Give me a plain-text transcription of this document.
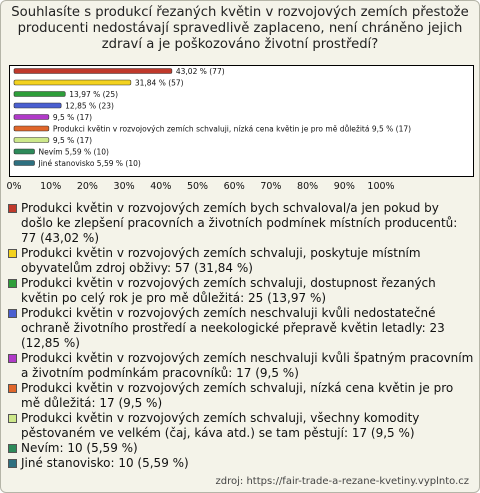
Souhlasíte s produkcí řezaných květin v rozvojových zemích přestože producenti nedostávají spravedlivě zaplaceno, není chráněno jejich zdraví a je poškozováno životní prostředí?
43,02 % (77)
31,84 % (57)
13,97 % (25)
12,85 % (23)
9,5 % (17)
Produkci květin v rozvojových zemích schvaluji, nízká cena květin je pro mě důležitá 9,5 % (17)
9,5 % (17)
Nevím 5,59 % (10)
Jiné stanovisko 5,59 % (10)
0% 10% 20% 30% 40% 50% 60% 70% 80% 90% 100%
Produkci květin v rozvojových zemích bych schvaloval/a jen pokud by došlo ke zlepšení pracovních a životních podmínek místních producentů: 77 (43,02 %)
Produkci květin v rozvojových zemích schvaluji, poskytuje místním obyvatelům zdroj obživy: 57 (31,84 %)
Produkci květin v rozvojových zemích schvaluji, dostupnost řezaných květin po celý rok je pro mě důležitá: 25 (13,97 %)
Produkci květin v rozvojových zemích neschvaluji kvůli nedostatečné ochraně životního prostředí a neekologické přepravě květin letadly: 23 (12,85 %)
Produkci květin v rozvojových zemích neschvaluji kvůli špatným pracovním a životním podmínkám pracovníků: 17 (9,5 %)
Produkci květin v rozvojových zemích schvaluji, nízká cena květin je pro mě důležitá: 17 (9,5 %)
Produkci květin v rozvojových zemích schvaluji, všechny komodity pěstovaném ve velkém (čaj, káva atd.) se tam pěstují: 17 (9,5 %)
Nevím: 10 (5,59 %)
Jiné stanovisko: 10 (5,59 %)
zdroj: https://fair-trade-a-rezane-kvetiny.vyplnto.cz
